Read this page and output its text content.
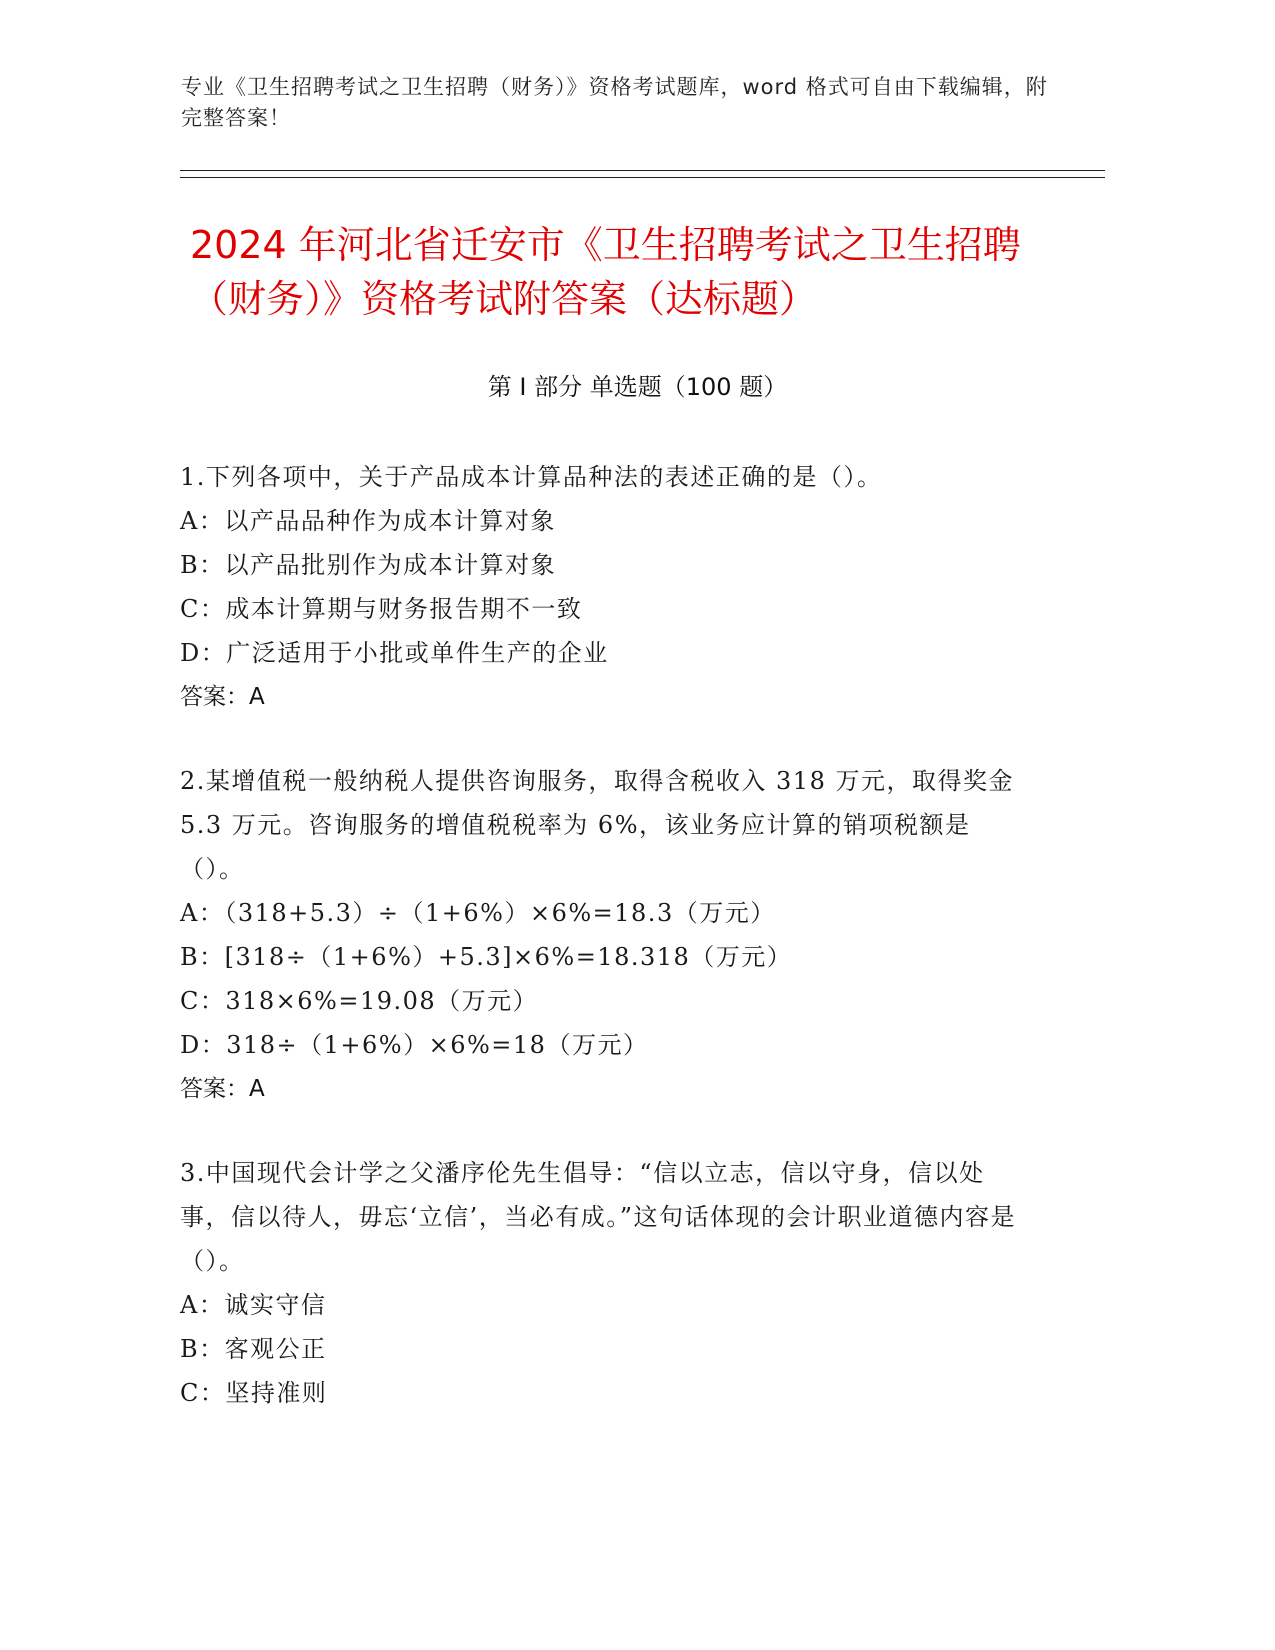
专业《卫生招聘考试之卫生招聘（财务）》资格考试题库，word 格式可自由下载编辑，附完整答案！
2024 年河北省迁安市《卫生招聘考试之卫生招聘（财务）》资格考试附答案（达标题）
第 I 部分 单选题（100 题）

1.下列各项中，关于产品成本计算品种法的表述正确的是（）。

A：以产品品种作为成本计算对象

B：以产品批别作为成本计算对象

C：成本计算期与财务报告期不一致

D：广泛适用于小批或单件生产的企业

答案：A

2.某增值税一般纳税人提供咨询服务，取得含税收入 318 万元，取得奖金 5.3 万元。咨询服务的增值税税率为 6%，该业务应计算的销项税额是（）。

A：（318+5.3）÷（1+6%）×6%=18.3（万元）

B：[318÷（1+6%）+5.3]×6%=18.318（万元）

C：318×6%=19.08（万元）

D：318÷（1+6%）×6%=18（万元）

答案：A

3.中国现代会计学之父潘序伦先生倡导：“信以立志，信以守身，信以处事，信以待人，毋忘‘立信’，当必有成。”这句话体现的会计职业道德内容是（）。

A：诚实守信

B：客观公正

C：坚持准则
